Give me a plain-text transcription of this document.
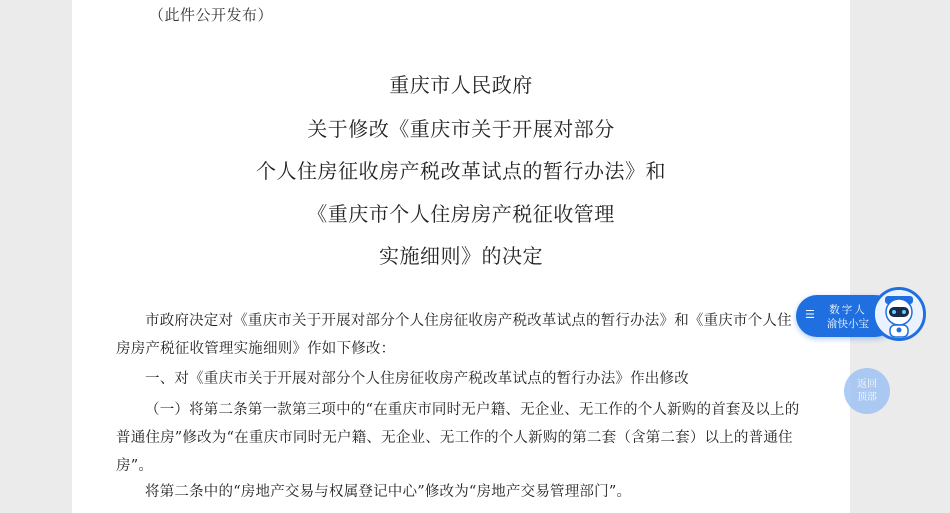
（此件公开发布）
重庆市人民政府
关于修改《重庆市关于开展对部分
个人住房征收房产税改革试点的暂行办法》和
《重庆市个人住房房产税征收管理
实施细则》的决定
市政府决定对《重庆市关于开展对部分个人住房征收房产税改革试点的暂行办法》和《重庆市个人住房房产税征收管理实施细则》作如下修改：
一、对《重庆市关于开展对部分个人住房征收房产税改革试点的暂行办法》作出修改
（一）将第二条第一款第三项中的“在重庆市同时无户籍、无企业、无工作的个人新购的首套及以上的普通住房”修改为“在重庆市同时无户籍、无企业、无工作的个人新购的第二套（含第二套）以上的普通住房”。
将第二条中的“房地产交易与权属登记中心”修改为“房地产交易管理部门”。
☰	数字人
渝快小宝
返回
顶部
